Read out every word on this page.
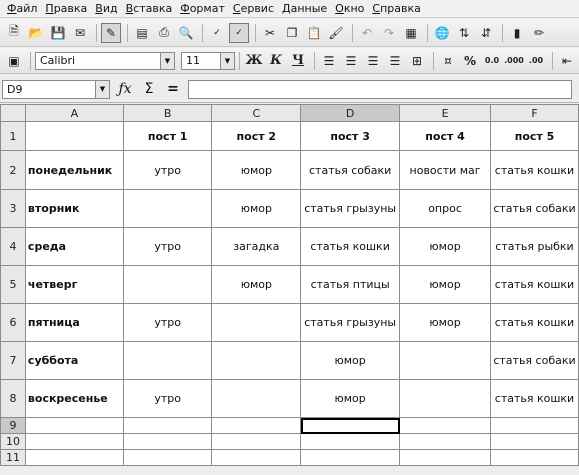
Файл Правка Вид Вставка Формат Сервис Данные Окно Справка
🗎 📂 💾 ✉	✎	▤ ⎙ 🔍	✓	✓	✂ ❐ 📋 🖌	↶ ↷ ▦	🌐 ⇅ ⇵	▮	✏
▣	Calibri	▼	11	▼ Ж К Ч	☰ ☰ ☰ ☰ ⊞	¤	%	0.0 .000 .00	⇤
D9	▼ ƒx Σ =
	A	B	C	D	E	F
1		пост 1	пост 2	пост 3	пост 4	пост 5
2	понедельник	утро	юмор	статья собаки	новости маг	статья кошки
3	вторник		юмор	статья грызуны	опрос	статья собаки
4	среда	утро	загадка	статья кошки	юмор	статья рыбки
5	четверг		юмор	статья птицы	юмор	статья кошки
6	пятница	утро		статья грызуны	юмор	статья кошки
7	суббота			юмор		статья собаки
8	воскресенье	утро		юмор		статья кошки
9						
10						
11						
